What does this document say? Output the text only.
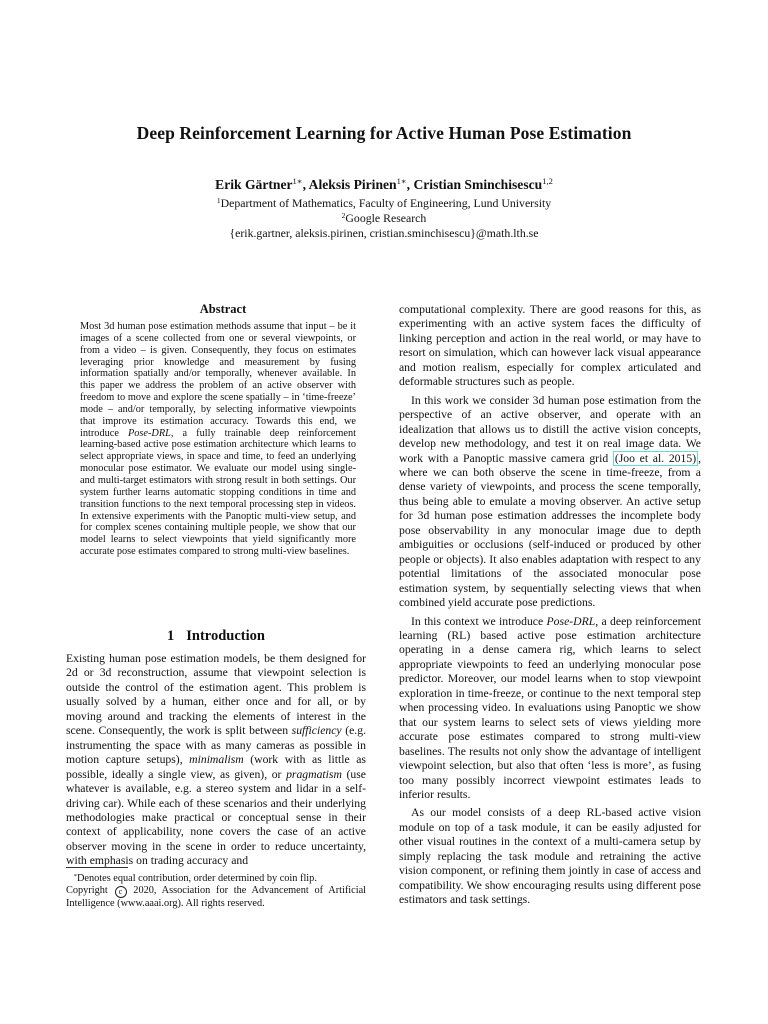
Deep Reinforcement Learning for Active Human Pose Estimation
Erik Gärtner$^{1∗}$, Aleksis Pirinen$^{1∗}$, Cristian Sminchisescu$^{1,2}$
$^1$Department of Mathematics, Faculty of Engineering, Lund University
$^2$Google Research
{erik.gartner, aleksis.pirinen, cristian.sminchisescu}@math.lth.se
Abstract
Most 3d human pose estimation methods assume that input – be it images of a scene collected from one or several viewpoints, or from a video – is given. Consequently, they focus on estimates leveraging prior knowledge and measurement by fusing information spatially and/or temporally, whenever available. In this paper we address the problem of an active observer with freedom to move and explore the scene spatially – in ‘time-freeze’ mode – and/or temporally, by selecting informative viewpoints that improve its estimation accuracy. Towards this end, we introduce Pose-DRL, a fully trainable deep reinforcement learning-based active pose estimation architecture which learns to select appropriate views, in space and time, to feed an underlying monocular pose estimator. We evaluate our model using single- and multi-target estimators with strong result in both settings. Our system further learns automatic stopping conditions in time and transition functions to the next temporal processing step in videos. In extensive experiments with the Panoptic multi-view setup, and for complex scenes containing multiple people, we show that our model learns to select viewpoints that yield significantly more accurate pose estimates compared to strong multi-view baselines.
1 Introduction
Existing human pose estimation models, be them designed for 2d or 3d reconstruction, assume that viewpoint selection is outside the control of the estimation agent. This problem is usually solved by a human, either once and for all, or by moving around and tracking the elements of interest in the scene. Consequently, the work is split between sufficiency (e.g. instrumenting the space with as many cameras as possible in motion capture setups), minimalism (work with as little as possible, ideally a single view, as given), or pragmatism (use whatever is available, e.g. a stereo system and lidar in a self-driving car). While each of these scenarios and their underlying methodologies make practical or conceptual sense in their context of applicability, none covers the case of an active observer moving in the scene in order to reduce uncertainty, with emphasis on trading accuracy and

*Denotes equal contribution, order determined by coin flip.

Copyright c 2020, Association for the Advancement of Artificial Intelligence (www.aaai.org). All rights reserved.

computational complexity. There are good reasons for this, as experimenting with an active system faces the difficulty of linking perception and action in the real world, or may have to resort on simulation, which can however lack visual appearance and motion realism, especially for complex articulated and deformable structures such as people.

In this work we consider 3d human pose estimation from the perspective of an active observer, and operate with an idealization that allows us to distill the active vision concepts, develop new methodology, and test it on real image data. We work with a Panoptic massive camera grid (Joo et al. 2015) , where we can both observe the scene in time-freeze, from a dense variety of viewpoints, and process the scene temporally, thus being able to emulate a moving observer. An active setup for 3d human pose estimation addresses the incomplete body pose observability in any monocular image due to depth ambiguities or occlusions (self-induced or produced by other people or objects). It also enables adaptation with respect to any potential limitations of the associated monocular pose estimation system, by sequentially selecting views that when combined yield accurate pose predictions.

In this context we introduce Pose-DRL, a deep reinforcement learning (RL) based active pose estimation architecture operating in a dense camera rig, which learns to select appropriate viewpoints to feed an underlying monocular pose predictor. Moreover, our model learns when to stop viewpoint exploration in time-freeze, or continue to the next temporal step when processing video. In evaluations using Panoptic we show that our system learns to select sets of views yielding more accurate pose estimates compared to strong multi-view baselines. The results not only show the advantage of intelligent viewpoint selection, but also that often ‘less is more’, as fusing too many possibly incorrect viewpoint estimates leads to inferior results.

As our model consists of a deep RL-based active vision module on top of a task module, it can be easily adjusted for other visual routines in the context of a multi-camera setup by simply replacing the task module and retraining the active vision component, or refining them jointly in case of access and compatibility. We show encouraging results using different pose estimators and task settings.
